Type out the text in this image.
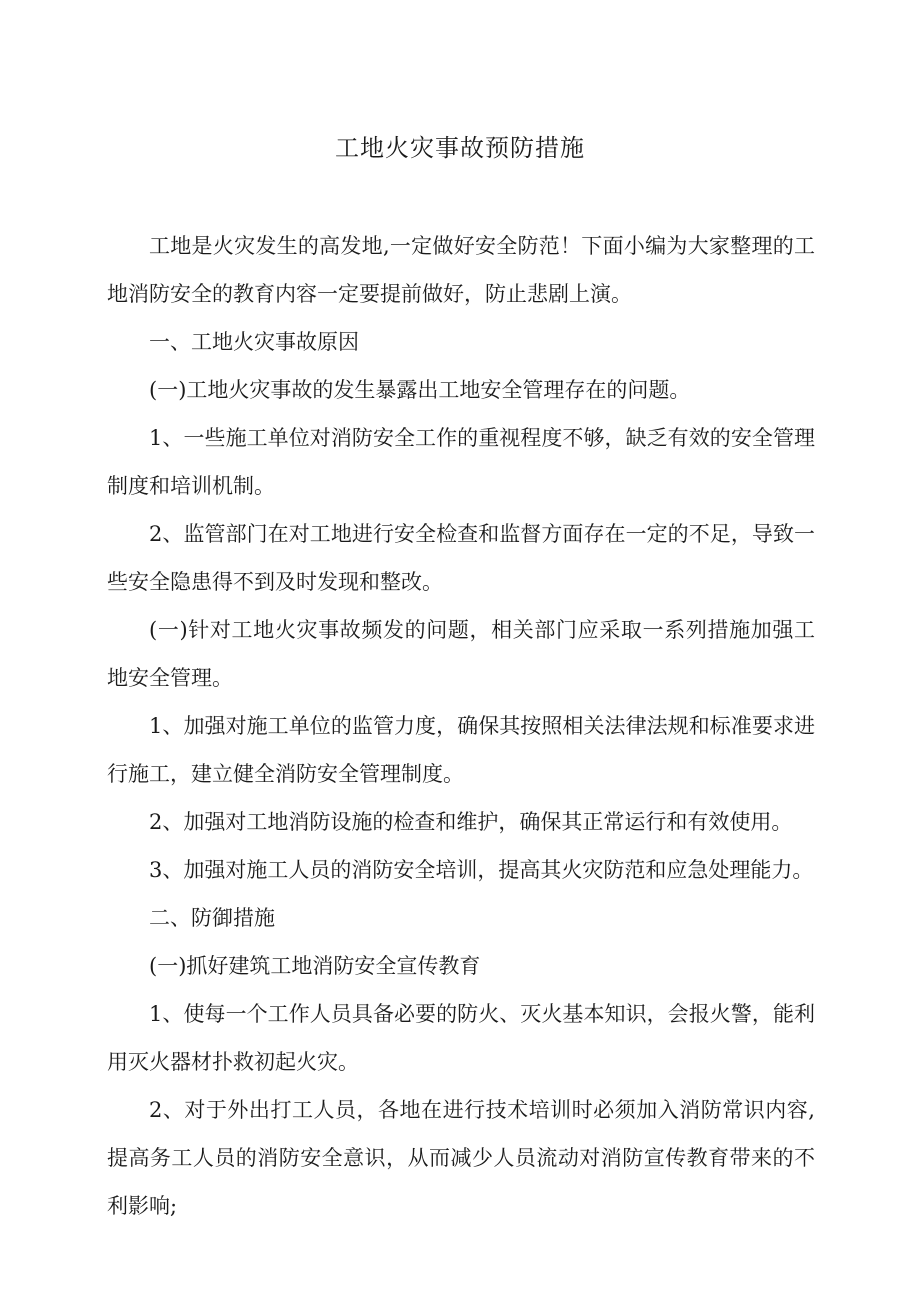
工地火灾事故预防措施

工地是火灾发生的高发地,一定做好安全防范！下面小编为大家整理的工地消防安全的教育内容一定要提前做好，防止悲剧上演。

一、工地火灾事故原因

(一)工地火灾事故的发生暴露出工地安全管理存在的问题。

1、一些施工单位对消防安全工作的重视程度不够，缺乏有效的安全管理制度和培训机制。

2、监管部门在对工地进行安全检查和监督方面存在一定的不足，导致一些安全隐患得不到及时发现和整改。

(一)针对工地火灾事故频发的问题，相关部门应采取一系列措施加强工地安全管理。

1、加强对施工单位的监管力度，确保其按照相关法律法规和标准要求进行施工，建立健全消防安全管理制度。

2、加强对工地消防设施的检查和维护，确保其正常运行和有效使用。

3、加强对施工人员的消防安全培训，提高其火灾防范和应急处理能力。

二、防御措施

(一)抓好建筑工地消防安全宣传教育

1、使每一个工作人员具备必要的防火、灭火基本知识，会报火警，能利用灭火器材扑救初起火灾。

2、对于外出打工人员，各地在进行技术培训时必须加入消防常识内容,提高务工人员的消防安全意识，从而减少人员流动对消防宣传教育带来的不利影响;
